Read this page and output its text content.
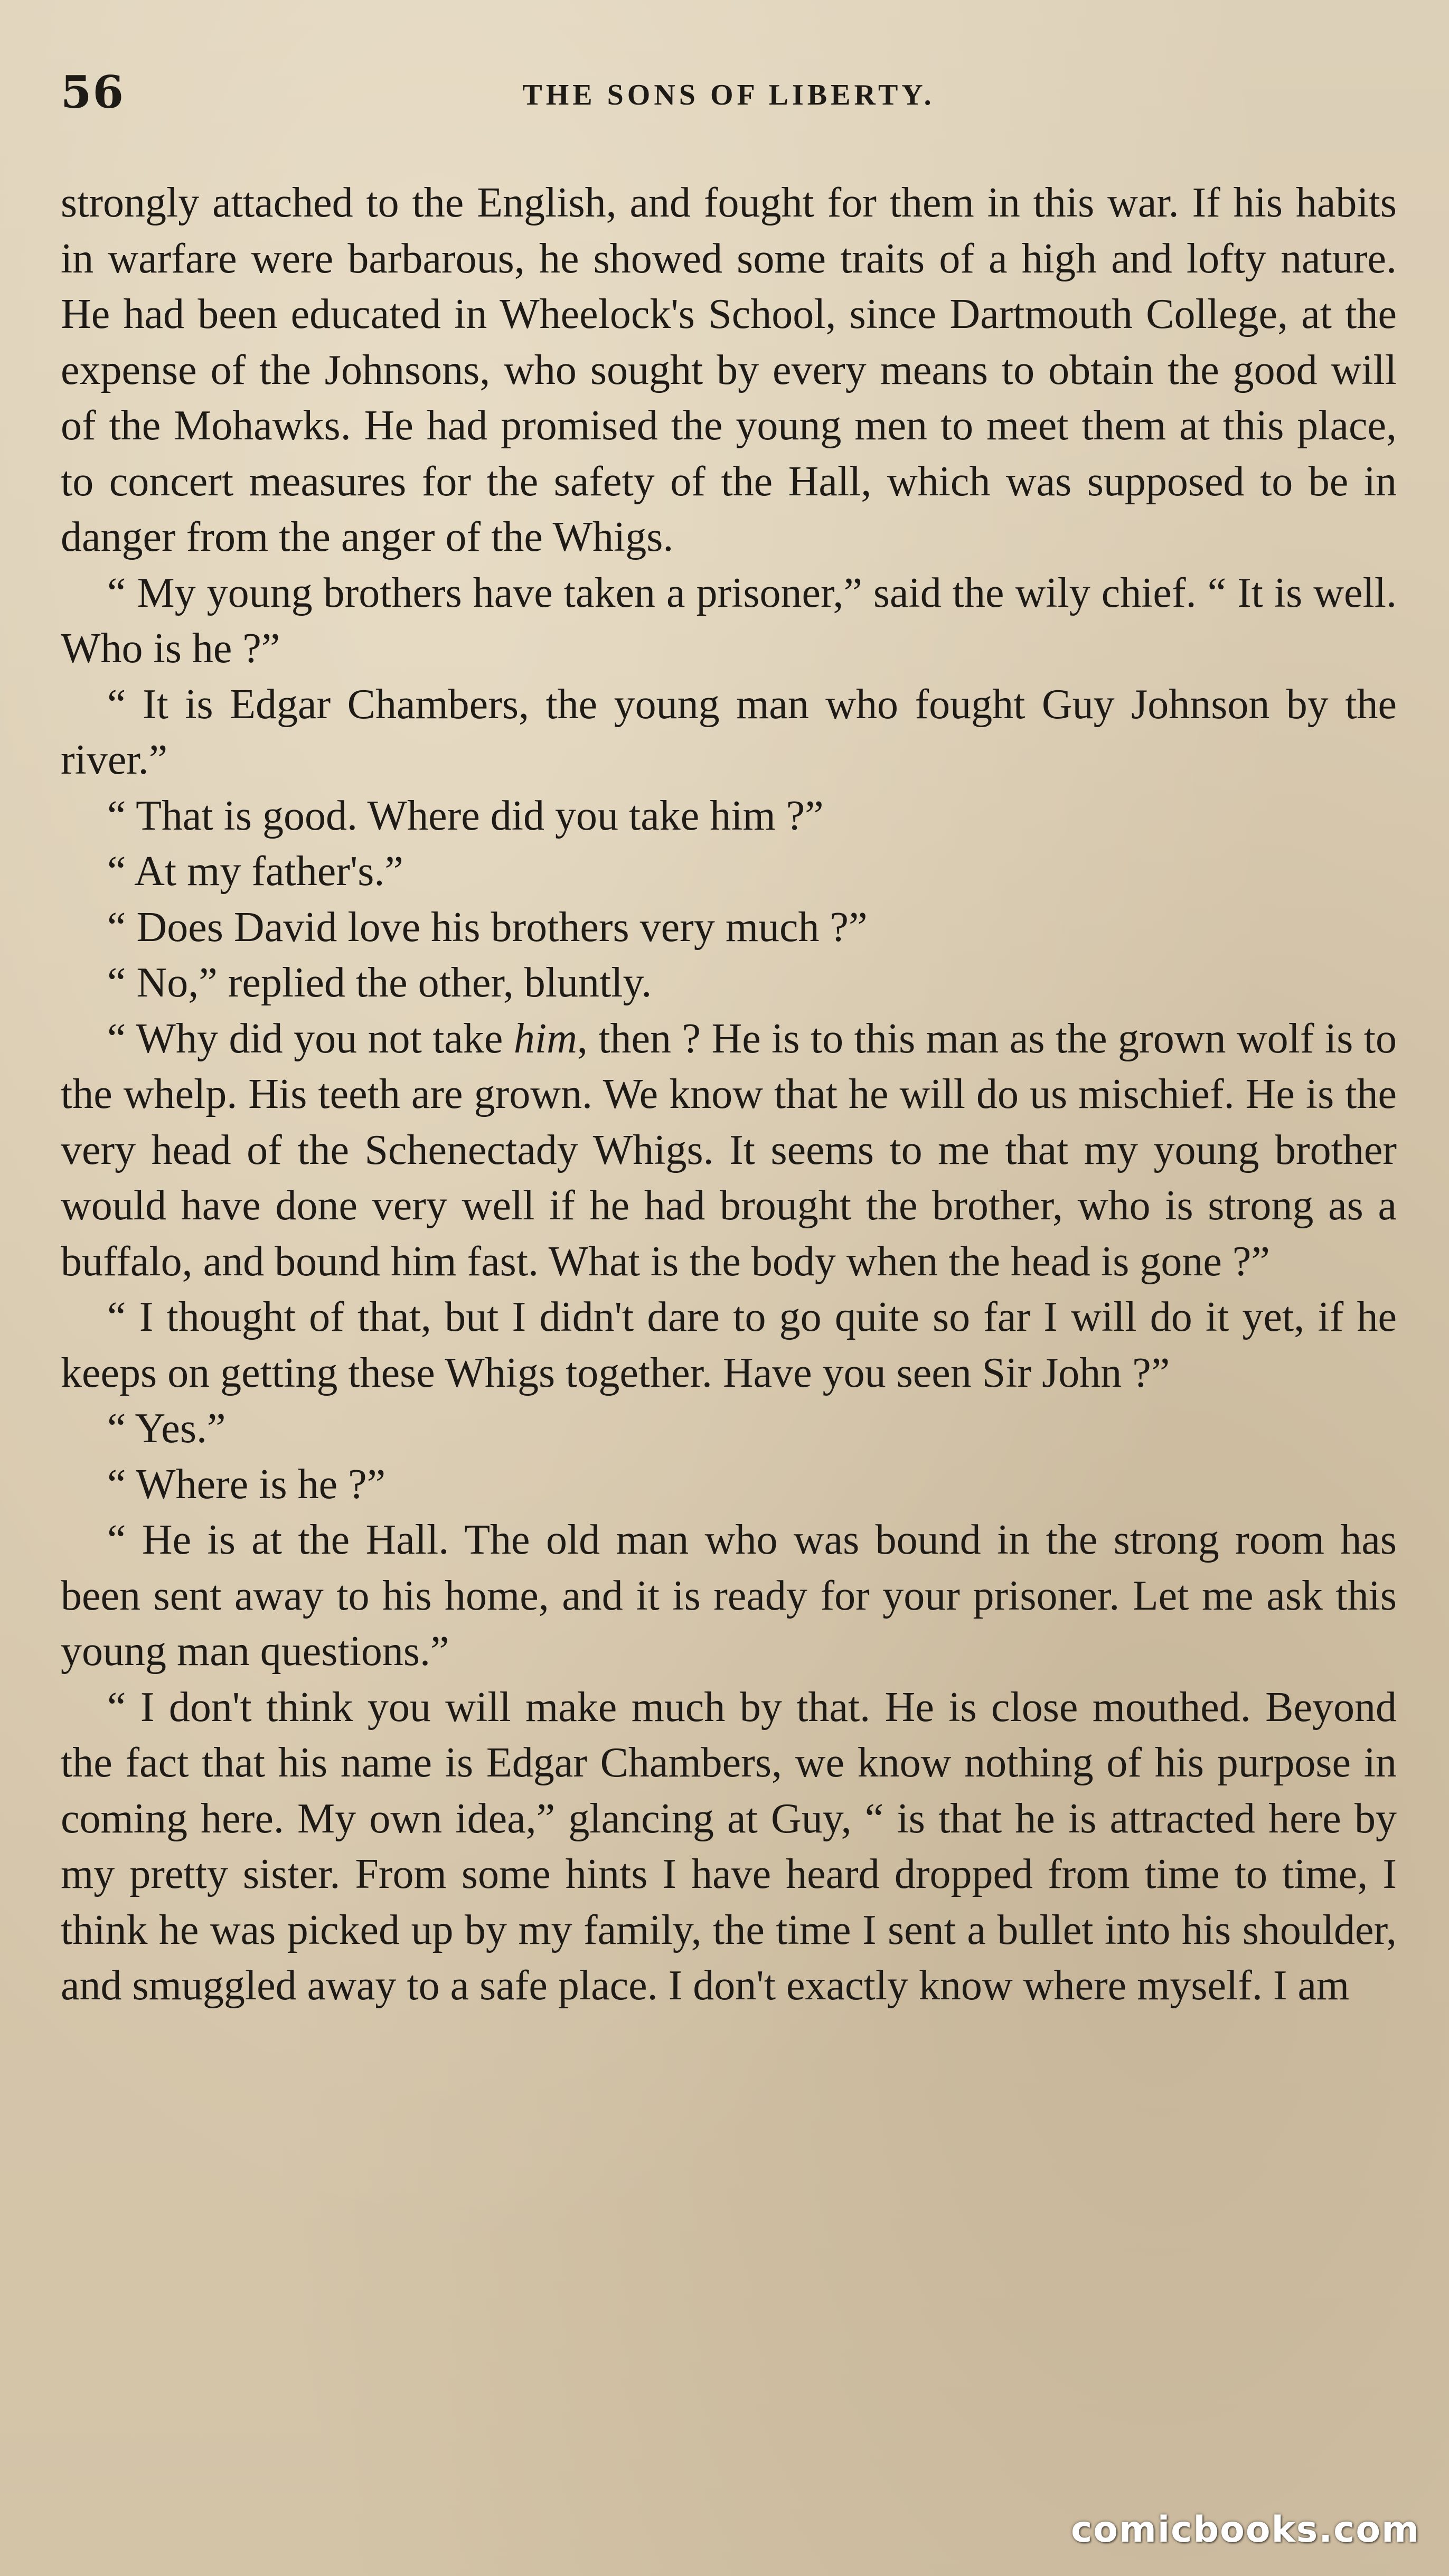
56	THE SONS OF LIBERTY.

strongly attached to the English, and fought for them in this war. If his habits in warfare were barbarous, he showed some traits of a high and lofty nature. He had been educated in Wheelock's School, since Dartmouth College, at the expense of the Johnsons, who sought by every means to obtain the good will of the Mohawks. He had promised the young men to meet them at this place, to concert measures for the safety of the Hall, which was supposed to be in danger from the anger of the Whigs.

“ My young brothers have taken a prisoner,” said the wily chief. “ It is well. Who is he ?”

“ It is Edgar Chambers, the young man who fought Guy Johnson by the river.”

“ That is good. Where did you take him ?”

“ At my father's.”

“ Does David love his brothers very much ?”

“ No,” replied the other, bluntly.

“ Why did you not take him, then ? He is to this man as the grown wolf is to the whelp. His teeth are grown. We know that he will do us mischief. He is the very head of the Schenectady Whigs. It seems to me that my young brother would have done very well if he had brought the brother, who is strong as a buffalo, and bound him fast. What is the body when the head is gone ?”

“ I thought of that, but I didn't dare to go quite so far I will do it yet, if he keeps on getting these Whigs together. Have you seen Sir John ?”

“ Yes.”

“ Where is he ?”

“ He is at the Hall. The old man who was bound in the strong room has been sent away to his home, and it is ready for your prisoner. Let me ask this young man questions.”

“ I don't think you will make much by that. He is close mouthed. Beyond the fact that his name is Edgar Chambers, we know nothing of his purpose in coming here. My own idea,” glancing at Guy, “ is that he is attracted here by my pretty sister. From some hints I have heard dropped from time to time, I think he was picked up by my family, the time I sent a bullet into his shoulder, and smuggled away to a safe place. I don't exactly know where myself. I am

comicbooks.com
